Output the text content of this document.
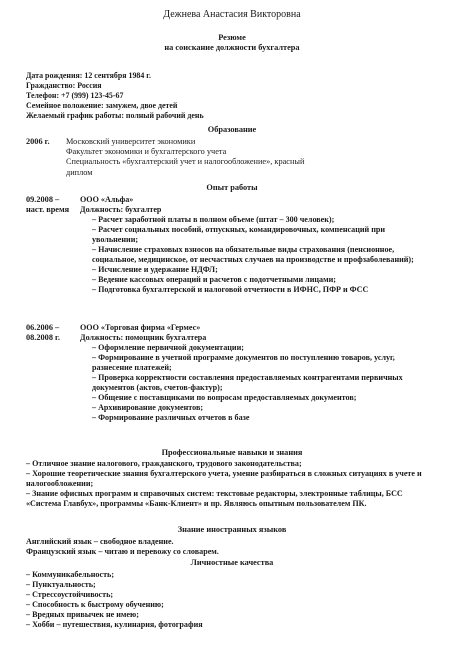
Дежнева Анастасия Викторовна
Резюме
на соискание должности бухгалтера
Дата рождения: 12 сентября 1984 г.
Гражданство: Россия
Телефон: +7 (999) 123-45-67
Семейное положение: замужем, двое детей
Желаемый график работы: полный рабочий день
Образование
2006 г. Московский университет экономики
Факультет экономики и бухгалтерского учета
Специальность «бухгалтерский учет и налогообложение», красный
диплом
Опыт работы
09.2008 –
наст. время
ООО «Альфа»
Должность: бухгалтер
– Расчет заработной платы в полном объеме (штат – 300 человек);
– Расчет социальных пособий, отпускных, командировочных, компенсаций при увольнении;
– Начисление страховых взносов на обязательные виды страхования (пенсионное, социальное, медицинское, от несчастных случаев на производстве и профзаболеваний);
– Исчисление и удержание НДФЛ;
– Ведение кассовых операций и расчетов с подотчетными лицами;
– Подготовка бухгалтерской и налоговой отчетности в ИФНС, ПФР и ФСС
06.2006 –
08.2008 г.
ООО «Торговая фирма «Гермес»
Должность: помощник бухгалтера
– Оформление первичной документации;
– Формирование в учетной программе документов по поступлению товаров, услуг, разнесение платежей;
– Проверка корректности составления предоставляемых контрагентами первичных документов (актов, счетов-фактур);
– Общение с поставщиками по вопросам предоставляемых документов;
– Архивирование документов;
– Формирование различных отчетов в базе
Профессиональные навыки и знания
– Отличное знание налогового, гражданского, трудового законодательства;
– Хорошие теоретические знания бухгалтерского учета, умение разбираться в сложных ситуациях в учете и налогообложении;
– Знание офисных программ и справочных систем: текстовые редакторы, электронные таблицы, БСС «Система Главбух», программы «Банк-Клиент» и пр. Являюсь опытным пользователем ПК.
Знание иностранных языков
Английский язык – свободное владение.
Французский язык – читаю и перевожу со словарем.
Личностные качества
– Коммуникабельность;
– Пунктуальность;
– Стрессоустойчивость;
– Способность к быстрому обучению;
– Вредных привычек не имею;
– Хобби – путешествия, кулинария, фотография
